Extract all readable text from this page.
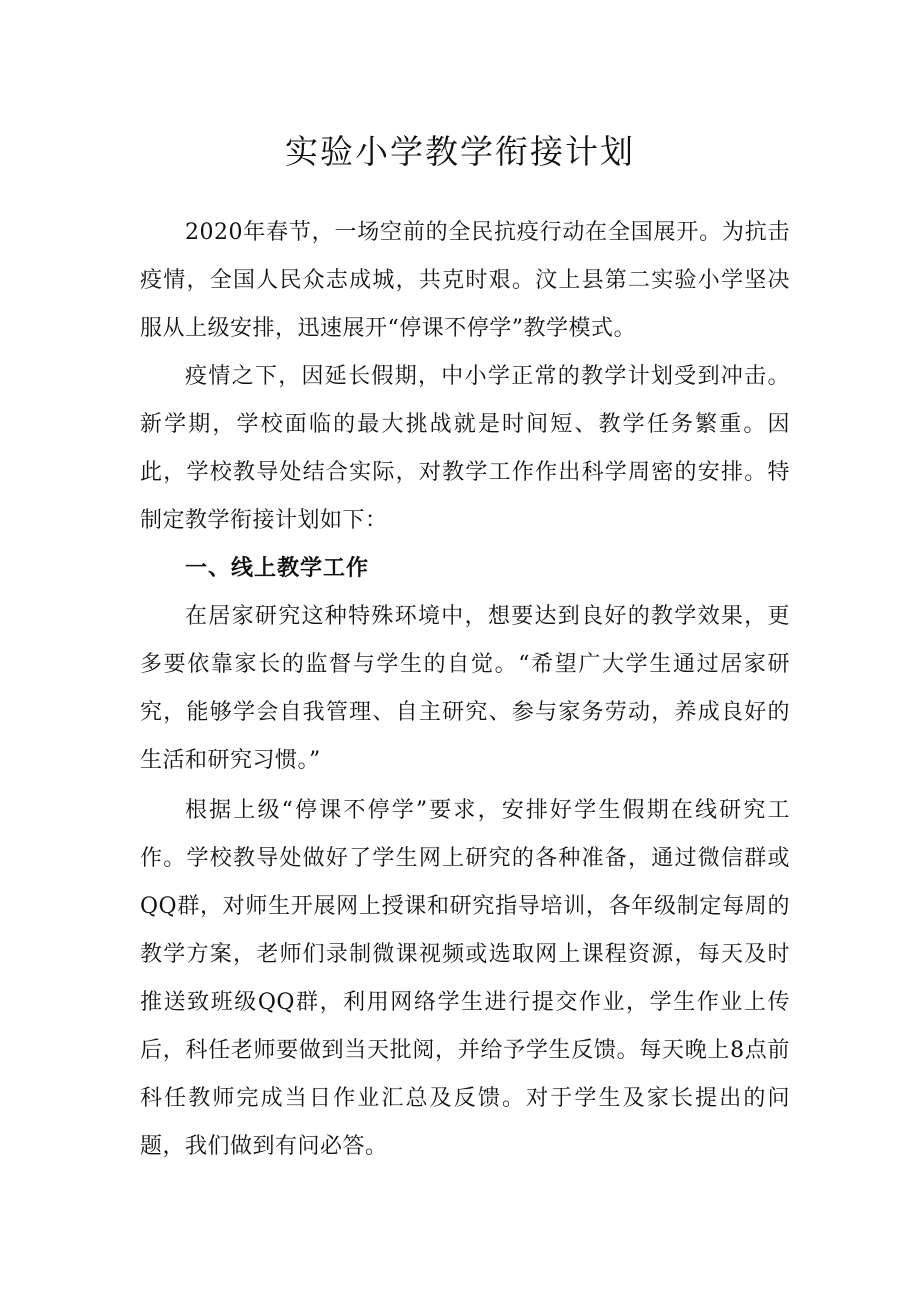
实验小学教学衔接计划

2020年春节，一场空前的全民抗疫行动在全国展开。为抗击疫情，全国人民众志成城，共克时艰。汶上县第二实验小学坚决服从上级安排，迅速展开“停课不停学”教学模式。

疫情之下，因延长假期，中小学正常的教学计划受到冲击。新学期，学校面临的最大挑战就是时间短、教学任务繁重。因此，学校教导处结合实际，对教学工作作出科学周密的安排。特制定教学衔接计划如下：

一、线上教学工作

在居家研究这种特殊环境中，想要达到良好的教学效果，更多要依靠家长的监督与学生的自觉。“希望广大学生通过居家研究，能够学会自我管理、自主研究、参与家务劳动，养成良好的生活和研究习惯。”

根据上级“停课不停学”要求，安排好学生假期在线研究工作。学校教导处做好了学生网上研究的各种准备，通过微信群或QQ群，对师生开展网上授课和研究指导培训，各年级制定每周的教学方案，老师们录制微课视频或选取网上课程资源，每天及时推送致班级QQ群，利用网络学生进行提交作业，学生作业上传后，科任老师要做到当天批阅，并给予学生反馈。每天晚上8点前科任教师完成当日作业汇总及反馈。对于学生及家长提出的问题，我们做到有问必答。
